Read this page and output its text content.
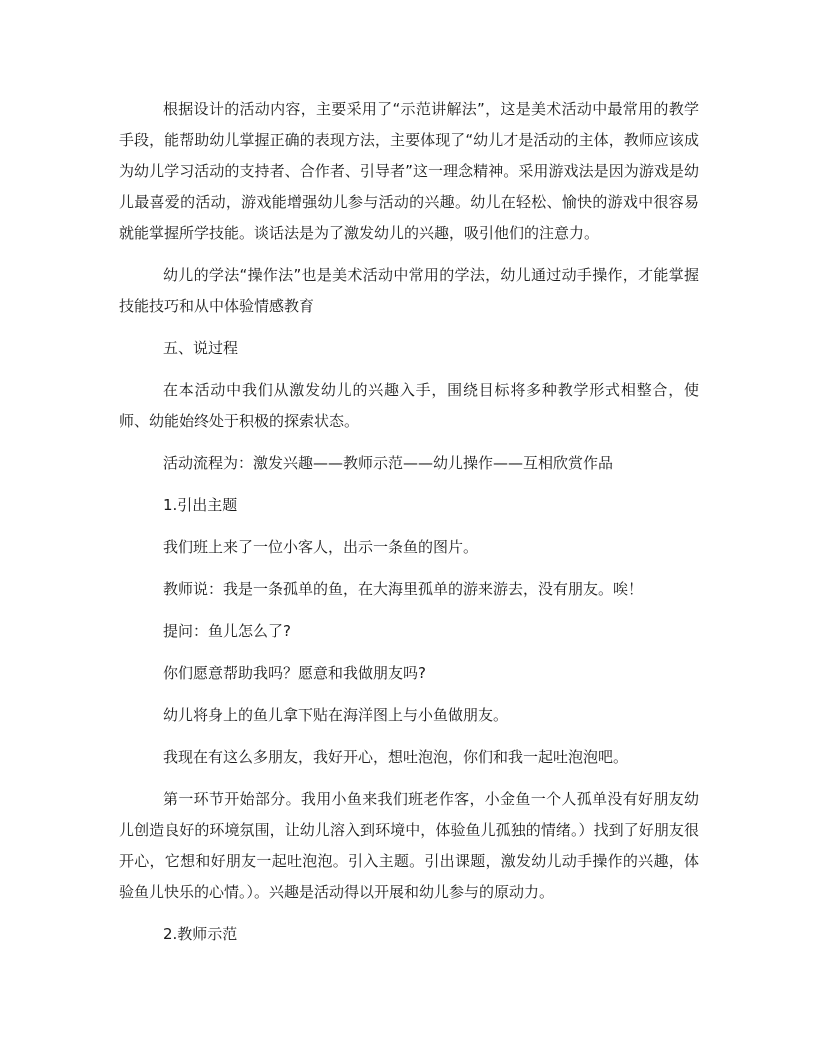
根据设计的活动内容，主要采用了“示范讲解法”，这是美术活动中最常用的教学手段，能帮助幼儿掌握正确的表现方法，主要体现了“幼儿才是活动的主体，教师应该成为幼儿学习活动的支持者、合作者、引导者”这一理念精神。采用游戏法是因为游戏是幼儿最喜爱的活动，游戏能增强幼儿参与活动的兴趣。幼儿在轻松、愉快的游戏中很容易就能掌握所学技能。谈话法是为了激发幼儿的兴趣，吸引他们的注意力。

幼儿的学法“操作法”也是美术活动中常用的学法，幼儿通过动手操作，才能掌握技能技巧和从中体验情感教育

五、说过程

在本活动中我们从激发幼儿的兴趣入手，围绕目标将多种教学形式相整合，使师、幼能始终处于积极的探索状态。

活动流程为：激发兴趣——教师示范——幼儿操作——互相欣赏作品

1.引出主题

我们班上来了一位小客人，出示一条鱼的图片。

教师说：我是一条孤单的鱼，在大海里孤单的游来游去，没有朋友。唉！

提问：鱼儿怎么了?

你们愿意帮助我吗？愿意和我做朋友吗?

幼儿将身上的鱼儿拿下贴在海洋图上与小鱼做朋友。

我现在有这么多朋友，我好开心，想吐泡泡，你们和我一起吐泡泡吧。

第一环节开始部分。我用小鱼来我们班老作客，小金鱼一个人孤单没有好朋友幼儿创造良好的环境氛围，让幼儿溶入到环境中，体验鱼儿孤独的情绪。）找到了好朋友很开心，它想和好朋友一起吐泡泡。引入主题。引出课题，激发幼儿动手操作的兴趣，体验鱼儿快乐的心情。）。兴趣是活动得以开展和幼儿参与的原动力。

2.教师示范
